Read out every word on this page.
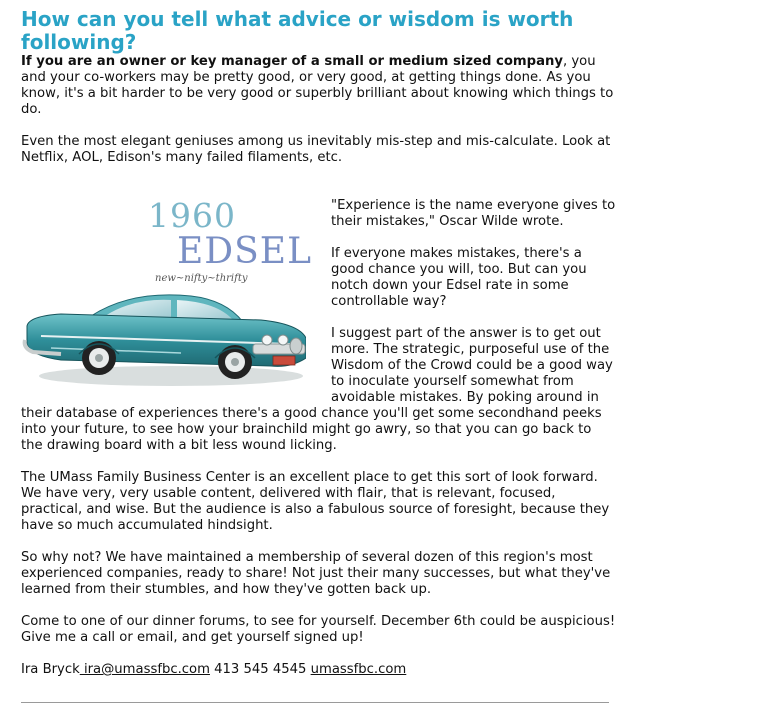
How can you tell what advice or wisdom is worth following?

If you are an owner or key manager of a small or medium sized company, you and your co-workers may be pretty good, or very good, at getting things done. As you know, it's a bit harder to be very good or superbly brilliant about knowing which things to do.

Even the most elegant geniuses among us inevitably mis-step and mis-calculate. Look at Netflix, AOL, Edison's many failed filaments, etc.

1960
EDSEL
new~nifty~thrifty

"Experience is the name everyone gives to their mistakes," Oscar Wilde wrote.

If everyone makes mistakes, there's a good chance you will, too. But can you notch down your Edsel rate in some controllable way?

I suggest part of the answer is to get out more. The strategic, purposeful use of the Wisdom of the Crowd could be a good way to inoculate yourself somewhat from avoidable mistakes. By poking around in their database of experiences there's a good chance you'll get some secondhand peeks into your future, to see how your brainchild might go awry, so that you can go back to the drawing board with a bit less wound licking.

The UMass Family Business Center is an excellent place to get this sort of look forward. We have very, very usable content, delivered with flair, that is relevant, focused, practical, and wise. But the audience is also a fabulous source of foresight, because they have so much accumulated hindsight.

So why not? We have maintained a membership of several dozen of this region's most experienced companies, ready to share! Not just their many successes, but what they've learned from their stumbles, and how they've gotten back up.

Come to one of our dinner forums, to see for yourself. December 6th could be auspicious! Give me a call or email, and get yourself signed up!

Ira Bryck ira@umassfbc.com 413 545 4545 umassfbc.com
